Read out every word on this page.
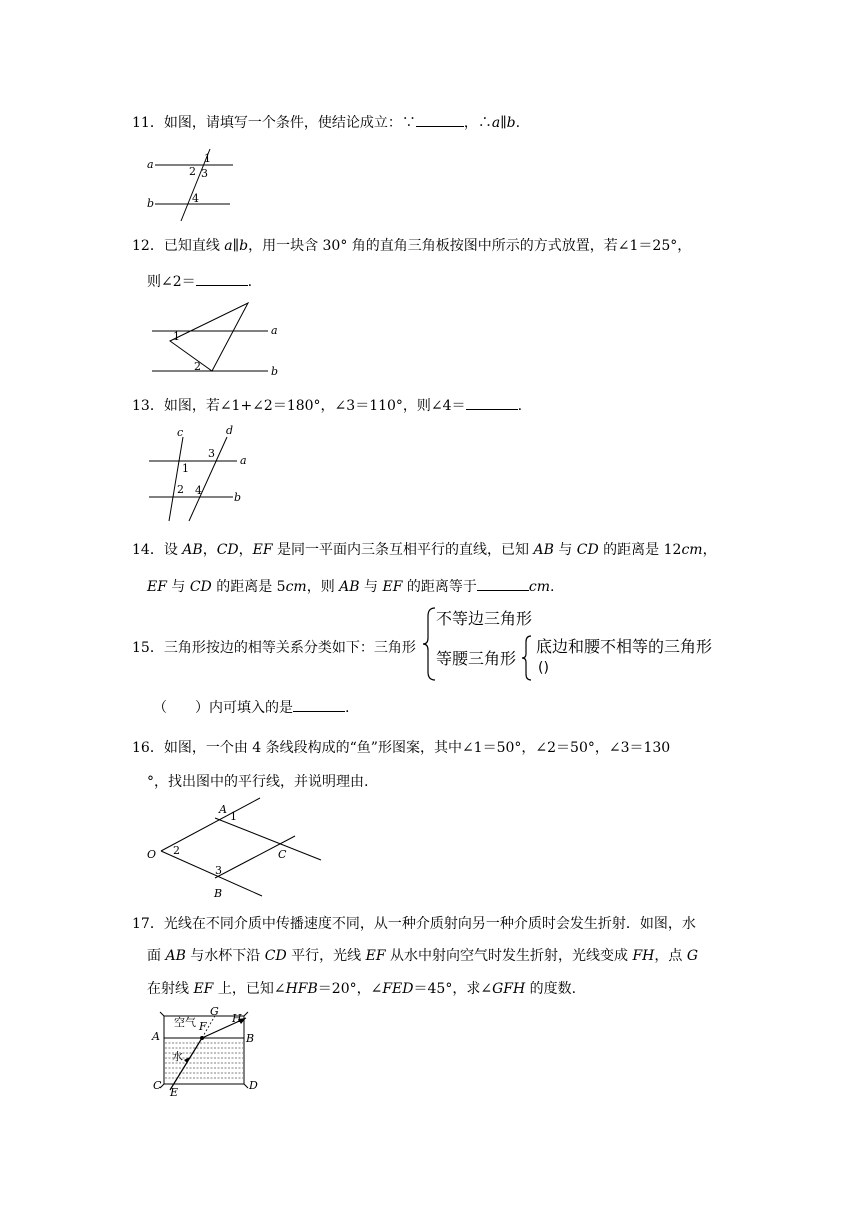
11．如图，请填写一个条件，使结论成立：∵	，∴a∥b.
a
b
1
2 3
4
12．已知直线 a∥b，用一块含 30° 角的直角三角板按图中所示的方式放置，若∠1＝25°，
则∠2＝	.
1
2
a
b
13．如图，若∠1+∠2＝180°，∠3＝110°，则∠4＝	.
c	d
a
b
1
2
3
4
14．设 AB，CD，EF 是同一平面内三条互相平行的直线，已知 AB 与 CD 的距离是 12cm，
EF 与 CD 的距离是 5cm，则 AB 与 EF 的距离等于	cm.
15．三角形按边的相等关系分类如下：三角形
不等边三角形
等腰三角形
底边和腰不相等的三角形
()
（　　）内可填入的是	.
16．如图，一个由 4 条线段构成的“鱼”形图案，其中∠1＝50°，∠2＝50°，∠3＝130
°，找出图中的平行线，并说明理由.
A
B
C
O
1
2
3
17．光线在不同介质中传播速度不同，从一种介质射向另一种介质时会发生折射．如图，水
面 AB 与水杯下沿 CD 平行，光线 EF 从水中射向空气时发生折射，光线变成 FH，点 G
在射线 EF 上，已知∠HFB＝20°，∠FED＝45°，求∠GFH 的度数.
空气
水
A	B
C	D
E
F
G
H
